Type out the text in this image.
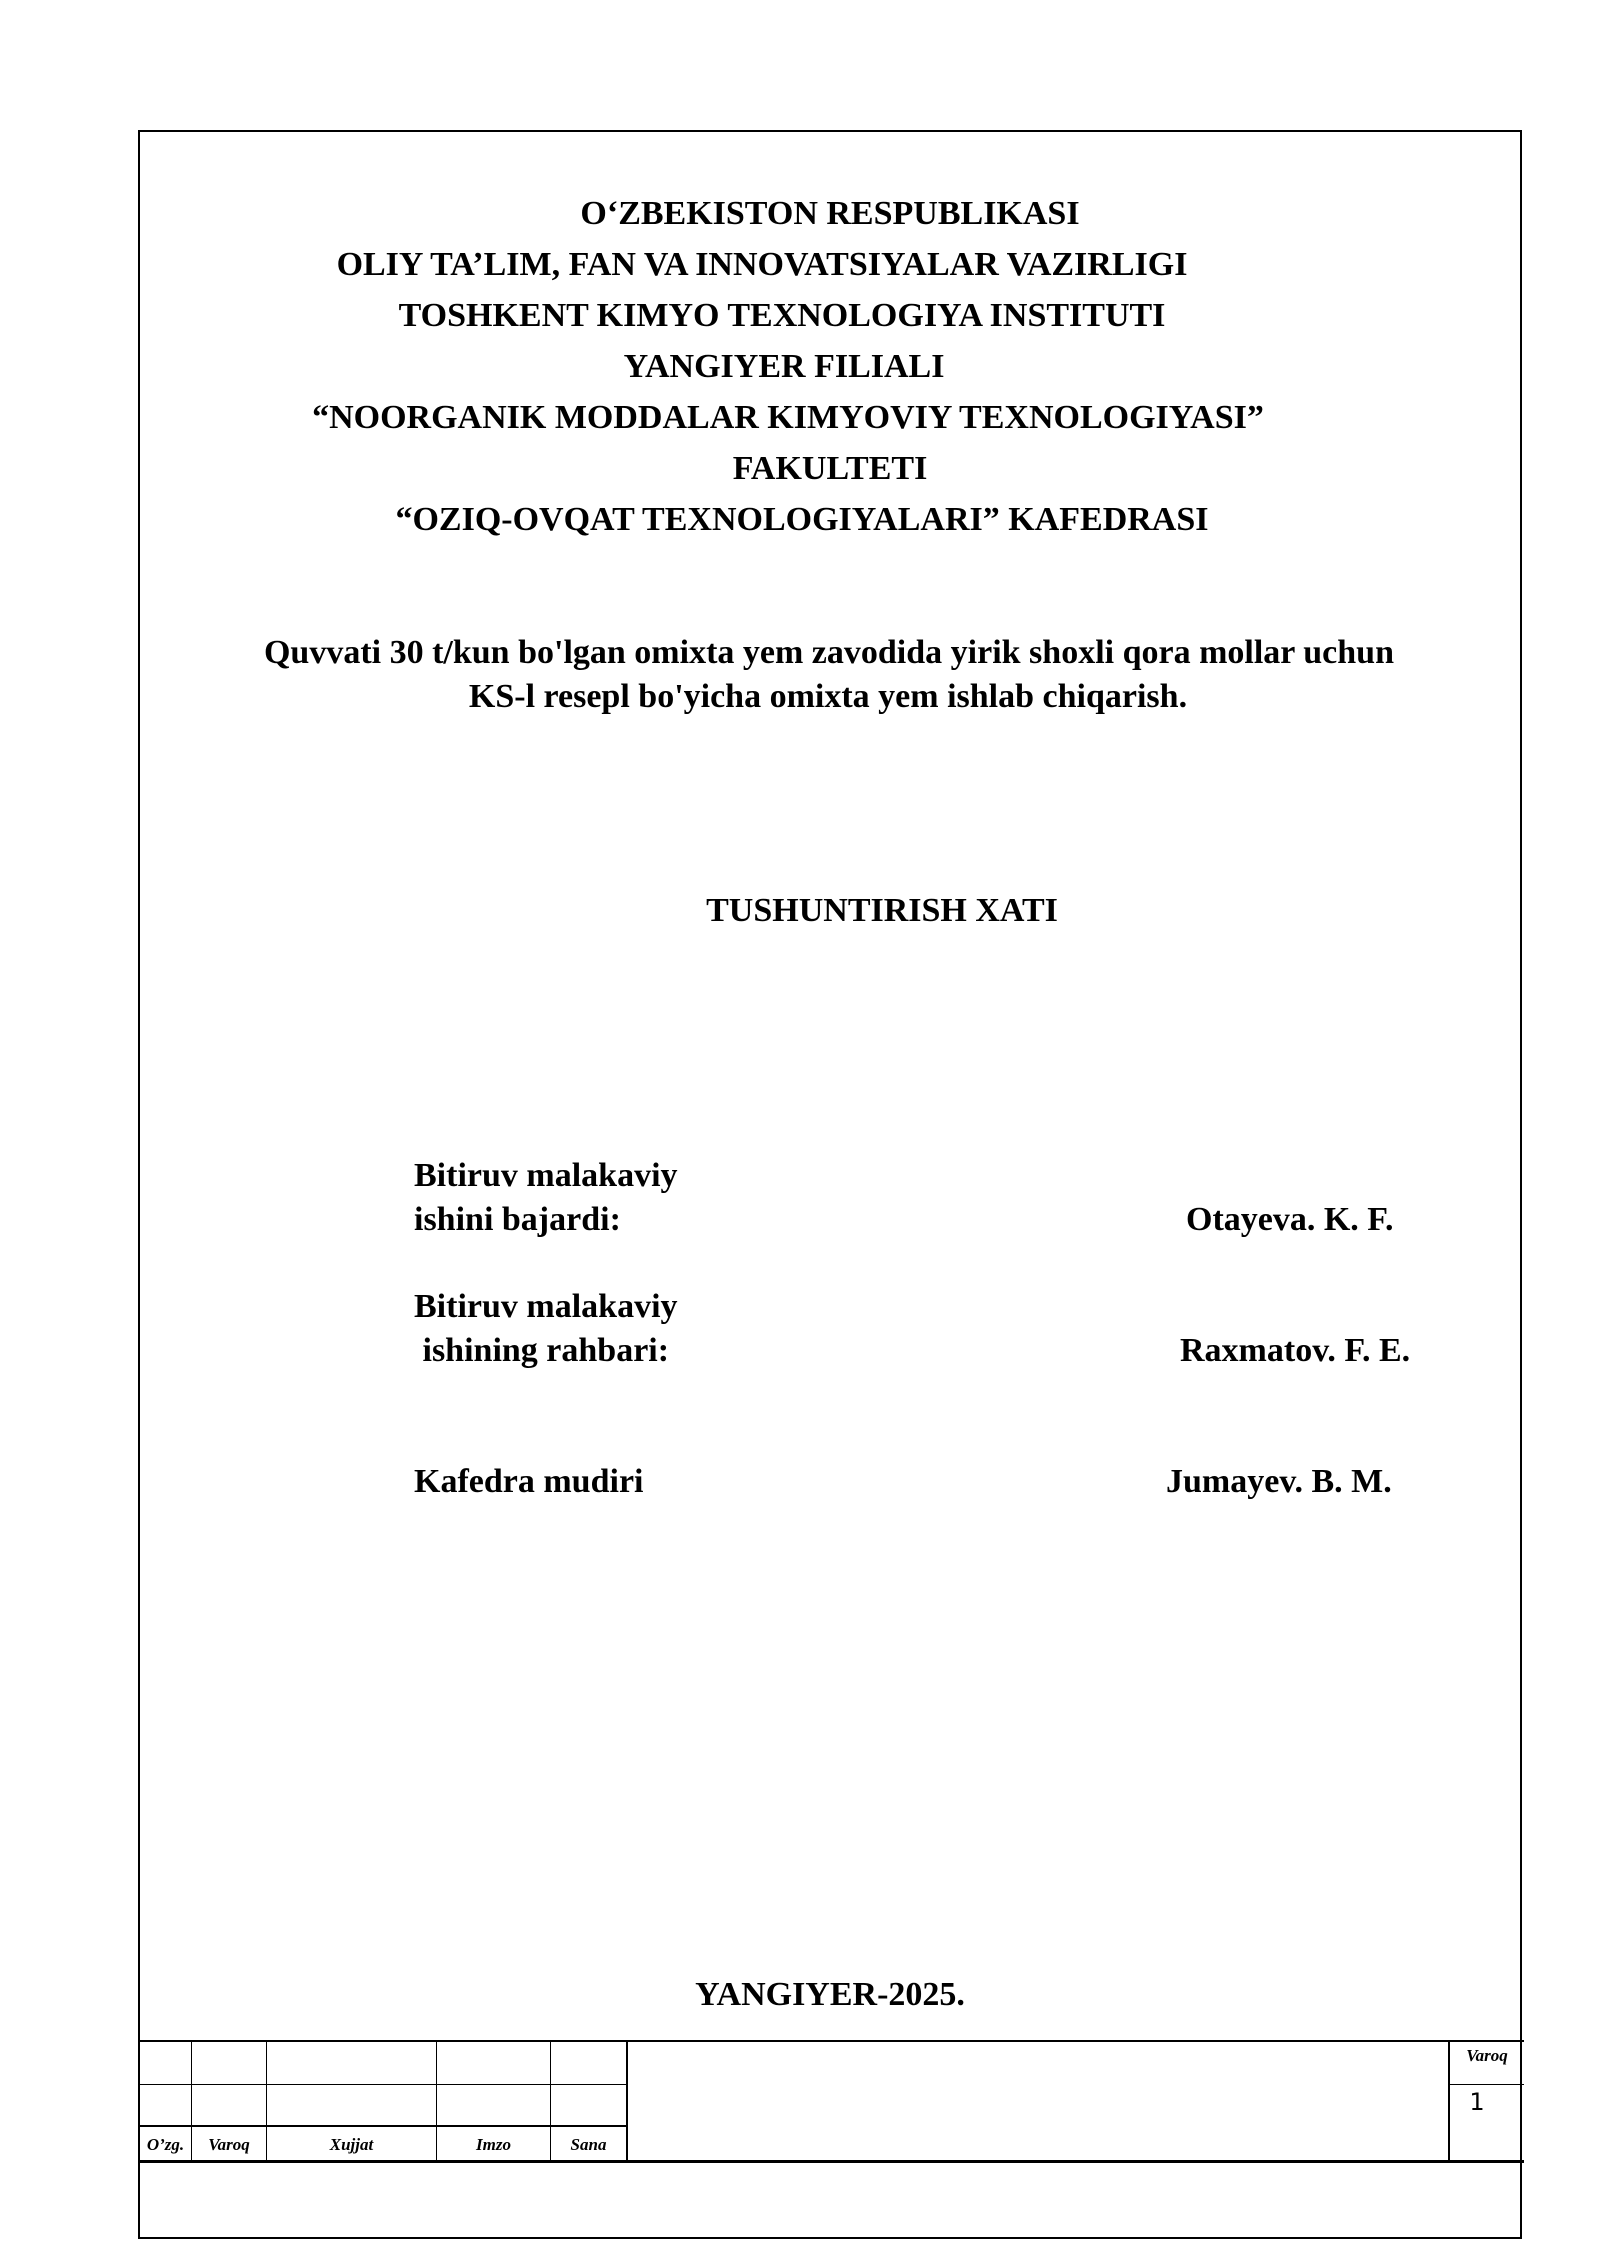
O‘ZBEKISTON RESPUBLIKASI
OLIY TA’LIM, FAN VA INNOVATSIYALAR VAZIRLIGI
TOSHKENT KIMYO TEXNOLOGIYA INSTITUTI
YANGIYER FILIALI
“NOORGANIK MODDALAR KIMYOVIY TEXNOLOGIYASI”
FAKULTETI
“OZIQ-OVQAT TEXNOLOGIYALARI” KAFEDRASI
Quvvati 30 t/kun bo'lgan omixta yem zavodida yirik shoxli qora mollar uchun
KS-l resepl bo'yicha omixta yem ishlab chiqarish.
TUSHUNTIRISH XATI
Bitiruv malakaviy
ishini bajardi:	Otayeva. K. F.
Bitiruv malakaviy
ishining rahbari:	Raxmatov. F. E.
Kafedra mudiri	Jumayev. B. M.
YANGIYER-2025.
O’zg.	Varoq	Xujjat	Imzo	Sana
Varoq
1
